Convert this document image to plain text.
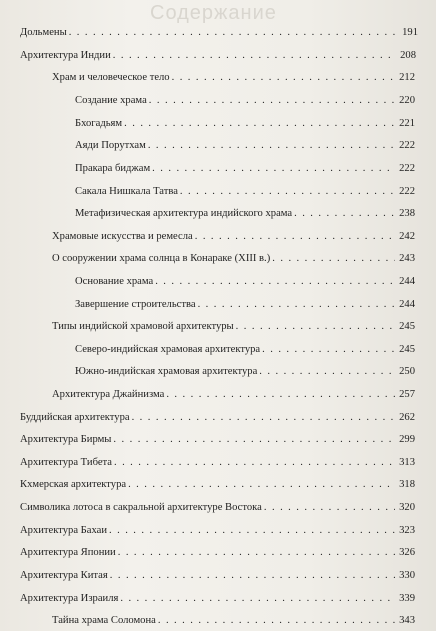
Содержание
Дольмены . . .	191
Архитектура Индии . . .	208
Храм и человеческое тело . . .	212
Создание храма . . .	220
Бхогадьям . . .	221
Аяди Порутхам . . .	222
Пракара биджам . . .	222
Сакала Нишкала Татва . . .	222
Метафизическая архитектура индийского храма . . .	238
Храмовые искусства и ремесла . . .	242
О сооружении храма солнца в Конараке (XIII в.) . . .	243
Основание храма . . .	244
Завершение строительства . . .	244
Типы индийской храмовой архитектуры . . .	245
Северо-индийская храмовая архитектура . . .	245
Южно-индийская храмовая архитектура . . .	250
Архитектура Джайнизма . . .	257
Буддийская архитектура . . .	262
Архитектура Бирмы . . .	299
Архитектура Тибета . . .	313
Кхмерская архитектура . . .	318
Символика лотоса в сакральной архитектуре Востока . . .	320
Архитектура Бахаи . . .	323
Архитектура Японии . . .	326
Архитектура Китая . . .	330
Архитектура Израиля . . .	339
Тайна храма Соломона . . .	343
